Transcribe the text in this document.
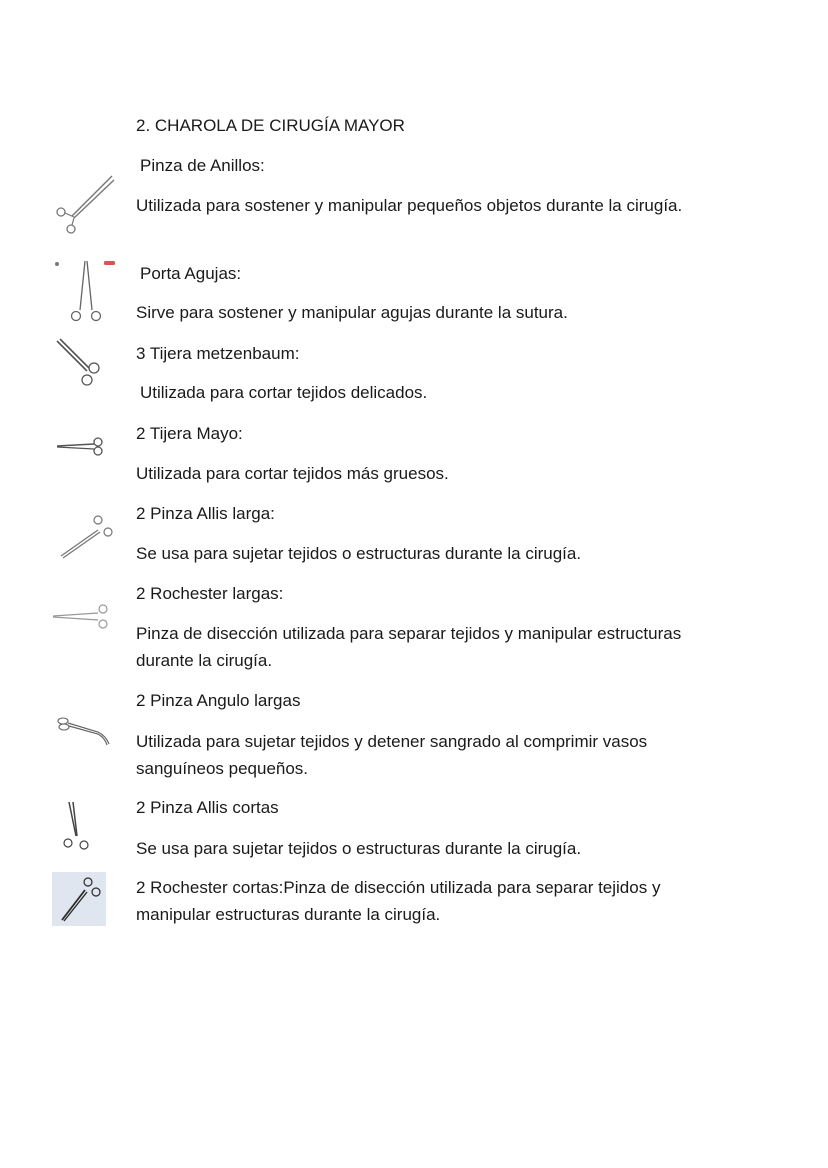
2. CHAROLA DE CIRUGÍA MAYOR

Pinza de Anillos:

Utilizada para sostener y manipular pequeños objetos durante la cirugía.

Porta Agujas:

Sirve para sostener y manipular agujas durante la sutura.

3 Tijera metzenbaum:

Utilizada para cortar tejidos delicados.

2 Tijera Mayo:

Utilizada para cortar tejidos más gruesos.

2 Pinza Allis larga:

Se usa para sujetar tejidos o estructuras durante la cirugía.

2 Rochester largas:

Pinza de disección utilizada para separar tejidos y manipular estructuras durante la cirugía.

2 Pinza Angulo largas

Utilizada para sujetar tejidos y detener sangrado al comprimir vasos sanguíneos pequeños.

2 Pinza Allis cortas

Se usa para sujetar tejidos o estructuras durante la cirugía.

2 Rochester cortas:Pinza de disección utilizada para separar tejidos y manipular estructuras durante la cirugía.
